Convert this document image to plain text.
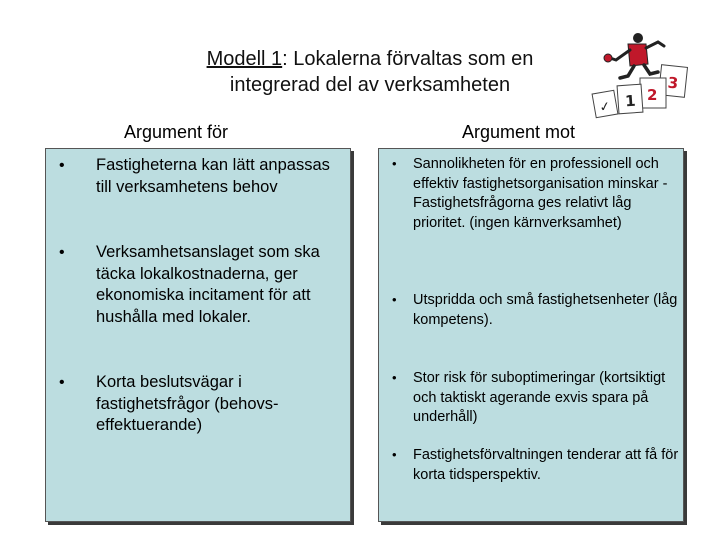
Modell 1: Lokalerna förvaltas som en
integrerad del av verksamheten	3
2
1
✓
Argument för	Argument mot
• Fastigheterna kan lätt anpassas till verksamhetens behov
• Verksamhetsanslaget som ska täcka lokalkostnaderna, ger ekonomiska incitament för att hushålla med lokaler.
• Korta beslutsvägar i fastighetsfrågor (behovs-effektuerande)
• Sannolikheten för en professionell och effektiv fastighetsorganisation minskar - Fastighetsfrågorna ges relativt låg prioritet. (ingen kärnverksamhet)
• Utspridda och små fastighetsenheter (låg kompetens).
• Stor risk för suboptimeringar (kortsiktigt och taktiskt agerande exvis spara på underhåll)
• Fastighetsförvaltningen tenderar att få för korta tidsperspektiv.
